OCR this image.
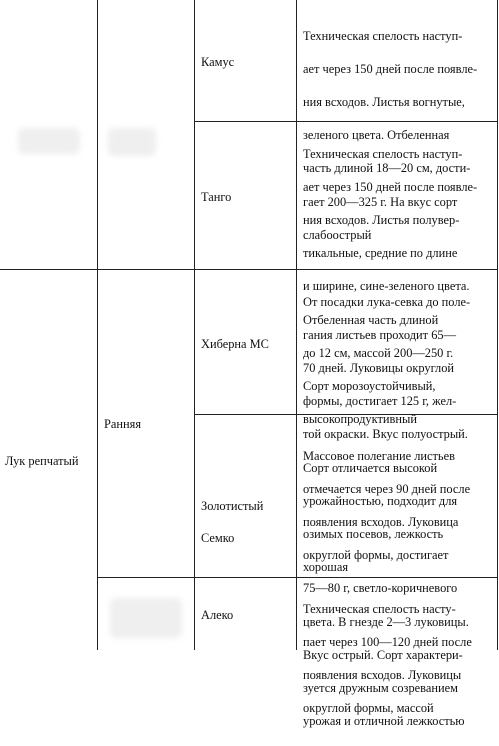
Камус

Техническая спелость наступ-

ает через 150 дней после появле-

ния всходов. Листья вогнутые,

зеленого цвета. Отбеленная

часть длиной 18—20 см, дости-

гает 200—325 г. На вкус сорт

слабоострый

Танго

Техническая спелость наступ-

ает через 150 дней после появле-

ния всходов. Листья полувер-

тикальные, средние по длине

и ширине, сине-зеленого цвета.

Отбеленная часть длиной

до 12 см, массой 200—250 г.

Сорт морозоустойчивый,

высокопродуктивный

Лук репчатый
Ранняя
Хиберна МС

От посадки лука-севка до поле-

гания листьев проходит 65—

70 дней. Луковицы округлой

формы, достигает 125 г, жел-

той окраски. Вкус полуострый.

Сорт отличается высокой

урожайностью, подходит для

озимых посевов, лежкость

хорошая

Золотистый

Семко

Массовое полегание листьев

отмечается через 90 дней после

появления всходов. Луковица

округлой формы, достигает

75—80 г, светло-коричневого

цвета. В гнезде 2—3 луковицы.

Вкус острый. Сорт характери-

зуется дружным созреванием

урожая и отличной лежкостью

Алеко	Техническая спелость насту-

пает через 100—120 дней после

появления всходов. Луковицы

округлой формы, массой
